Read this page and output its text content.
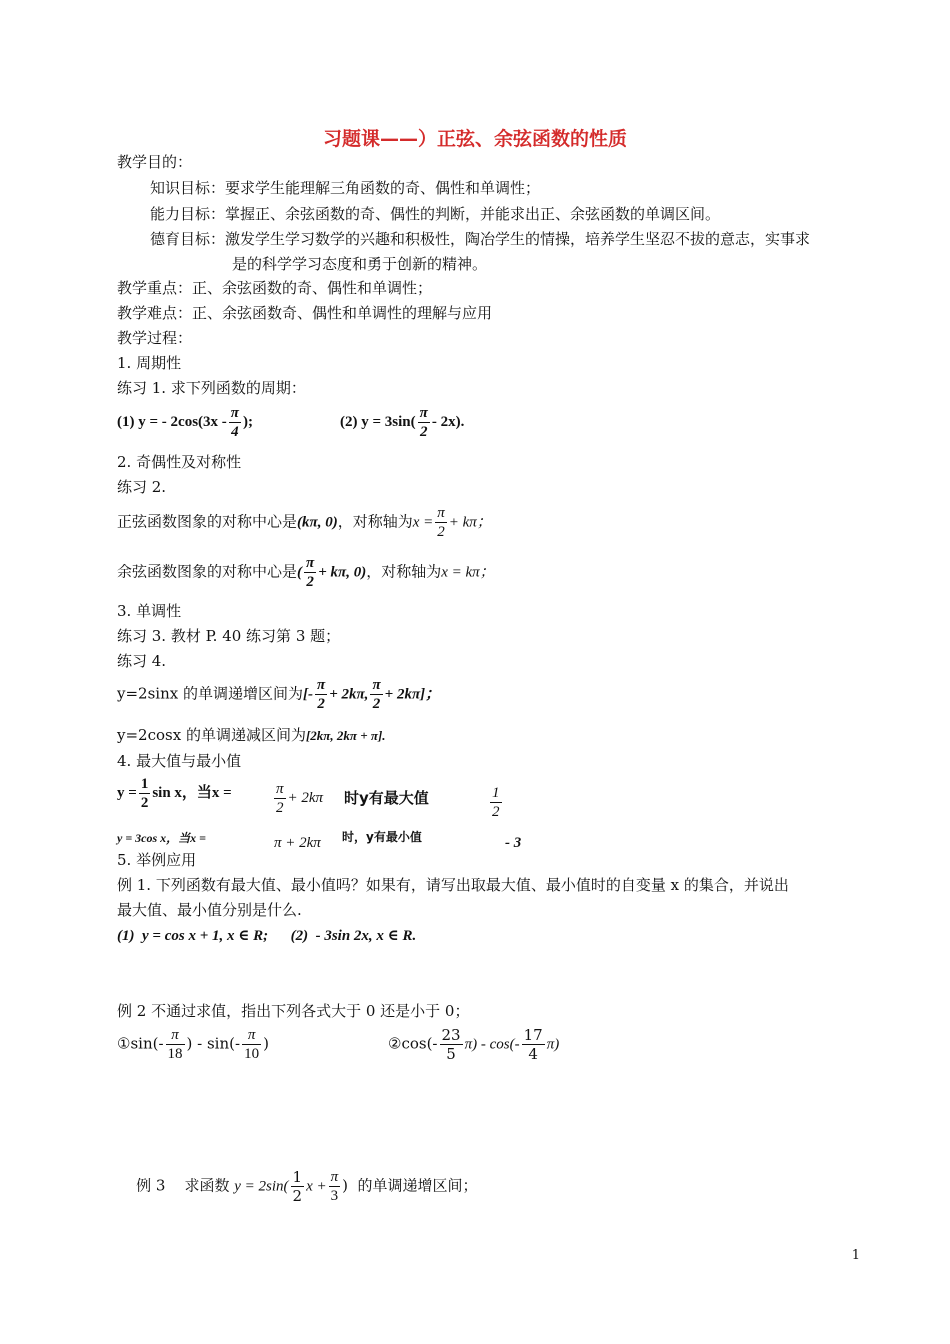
习题课——）正弦、余弦函数的性质
教学目的：
知识目标：要求学生能理解三角函数的奇、偶性和单调性；
能力目标：掌握正、余弦函数的奇、偶性的判断，并能求出正、余弦函数的单调区间。
德育目标：激发学生学习数学的兴趣和积极性，陶冶学生的情操，培养学生坚忍不拔的意志，实事求
是的科学学习态度和勇于创新的精神。
教学重点：正、余弦函数的奇、偶性和单调性；
教学难点：正、余弦函数奇、偶性和单调性的理解与应用
教学过程：
1. 周期性
练习 1. 求下列函数的周期：
(1) y = - $2\cos(3x - \frac{\pi}{4}$ );	(2) $y = 3\sin( \frac{\pi}{2} - 2x)$.
2. 奇偶性及对称性
练习 2.
正弦函数图象的对称中心是(kπ, 0)，对称轴为$x = \frac{\pi}{2} + k\pi$；
余弦函数图象的对称中心是( $\frac{\pi}{2} + k\pi$, 0)，对称轴为x = kπ；
3. 单调性
练习 3. 教材 P. 40 练习第 3 题；
练习 4.
y=2sinx 的单调递增区间为[- $\frac{\pi}{2} + 2k\pi$, $\frac{\pi}{2} + 2k\pi$]；
y=2cosx 的单调递减区间为[2kπ, 2kπ + π].
4. 最大值与最小值
$y = \frac{1}{2}$ sin x，当x =	$\frac{\pi}{2} + 2k\pi$ 时y有最大值	$\frac{1}{2}$
y = 3cos x，当x =	π + 2kπ 时，y有最小值	- 3
5. 举例应用
例 1. 下列函数有最大值、最小值吗？如果有，请写出取最大值、最小值时的自变量 x 的集合，并说出
最大值、最小值分别是什么.
(1)  y = cos x + 1, x ∈ R;      (2)  - 3sin 2x, x ∈ R.
例 2 不通过求值，指出下列各式大于 0 还是小于 0；
①sin(- $\frac{\pi}{18}$ ) - $\sin(- \frac{\pi}{10}$ )	②cos(- $\frac{23}{5} \pi) - \cos(- \frac{17}{4} \pi)$

例 3    求函数 $y = 2\sin( \frac{1}{2}$ $x + \frac{\pi}{3}$ ) 的单调递增区间；

1
